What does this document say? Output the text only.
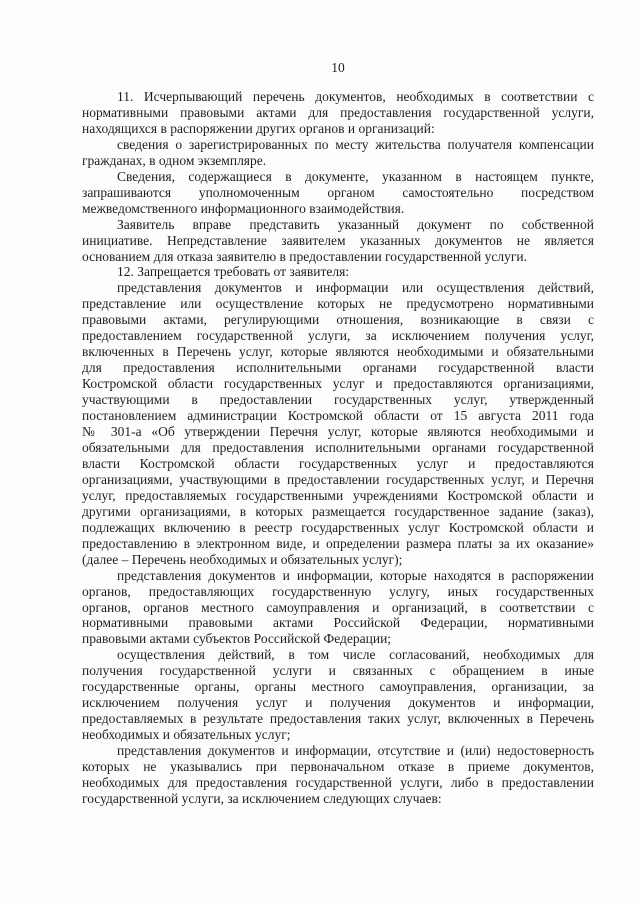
10
11. Исчерпывающий перечень документов, необходимых в соответствии с
нормативными правовыми актами для предоставления государственной услуги,
находящихся в распоряжении других органов и организаций:
сведения о зарегистрированных по месту жительства получателя компенсации
гражданах, в одном экземпляре.
Сведения, содержащиеся в документе, указанном в настоящем пункте,
запрашиваются уполномоченным органом самостоятельно посредством
межведомственного информационного взаимодействия.
Заявитель вправе представить указанный документ по собственной
инициативе. Непредставление заявителем указанных документов не является
основанием для отказа заявителю в предоставлении государственной услуги.
12. Запрещается требовать от заявителя:
представления документов и информации или осуществления действий,
представление или осуществление которых не предусмотрено нормативными
правовыми актами, регулирующими отношения, возникающие в связи с
предоставлением государственной услуги, за исключением получения услуг,
включенных в Перечень услуг, которые являются необходимыми и обязательными
для предоставления исполнительными органами государственной власти
Костромской области государственных услуг и предоставляются организациями,
участвующими в предоставлении государственных услуг, утвержденный
постановлением администрации Костромской области от 15 августа 2011 года
№ 301-а «Об утверждении Перечня услуг, которые являются необходимыми и
обязательными для предоставления исполнительными органами государственной
власти Костромской области государственных услуг и предоставляются
организациями, участвующими в предоставлении государственных услуг, и Перечня
услуг, предоставляемых государственными учреждениями Костромской области и
другими организациями, в которых размещается государственное задание (заказ),
подлежащих включению в реестр государственных услуг Костромской области и
предоставлению в электронном виде, и определении размера платы за их оказание»
(далее – Перечень необходимых и обязательных услуг);
представления документов и информации, которые находятся в распоряжении
органов, предоставляющих государственную услугу, иных государственных
органов, органов местного самоуправления и организаций, в соответствии с
нормативными правовыми актами Российской Федерации, нормативными
правовыми актами субъектов Российской Федерации;
осуществления действий, в том числе согласований, необходимых для
получения государственной услуги и связанных с обращением в иные
государственные органы, органы местного самоуправления, организации, за
исключением получения услуг и получения документов и информации,
предоставляемых в результате предоставления таких услуг, включенных в Перечень
необходимых и обязательных услуг;
представления документов и информации, отсутствие и (или) недостоверность
которых не указывались при первоначальном отказе в приеме документов,
необходимых для предоставления государственной услуги, либо в предоставлении
государственной услуги, за исключением следующих случаев:
